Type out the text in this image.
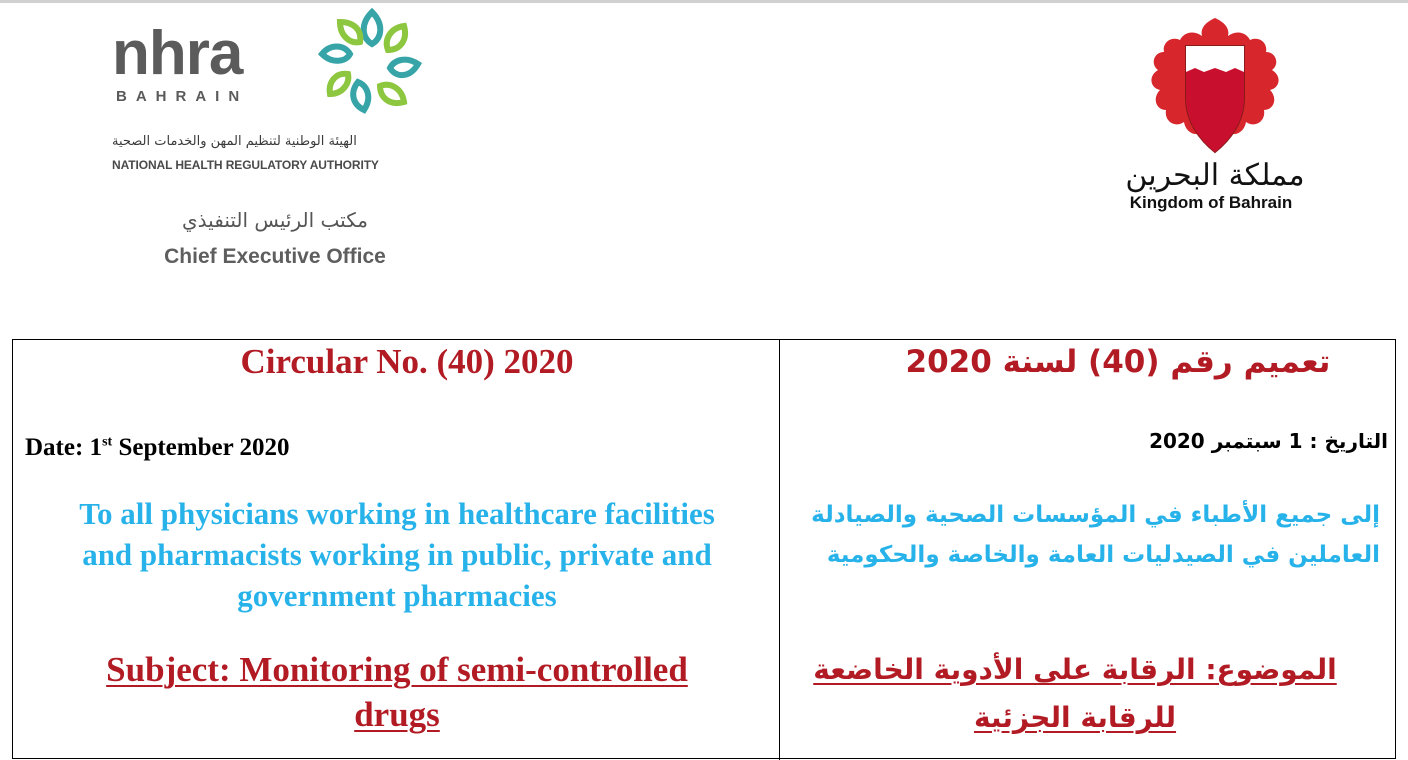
nhra
BAHRAIN
الهيئة الوطنية لتنظيم المهن والخدمات الصحية
NATIONAL HEALTH REGULATORY AUTHORITY
مكتب الرئيس التنفيذي
Chief Executive Office
مملكة البحرين
Kingdom of Bahrain
Circular No. (40) 2020
Date: 1st September 2020
To all physicians working in healthcare facilities
and pharmacists working in public, private and
government pharmacies
Subject: Monitoring of semi-controlled
drugs
تعميم رقم (40) لسنة 2020
التاريخ : 1 سبتمبر 2020
إلى جميع الأطباء في المؤسسات الصحية والصيادلة
العاملين في الصيدليات العامة والخاصة والحكومية
الموضوع: الرقابة على الأدوية الخاضعة
للرقابة الجزئية
